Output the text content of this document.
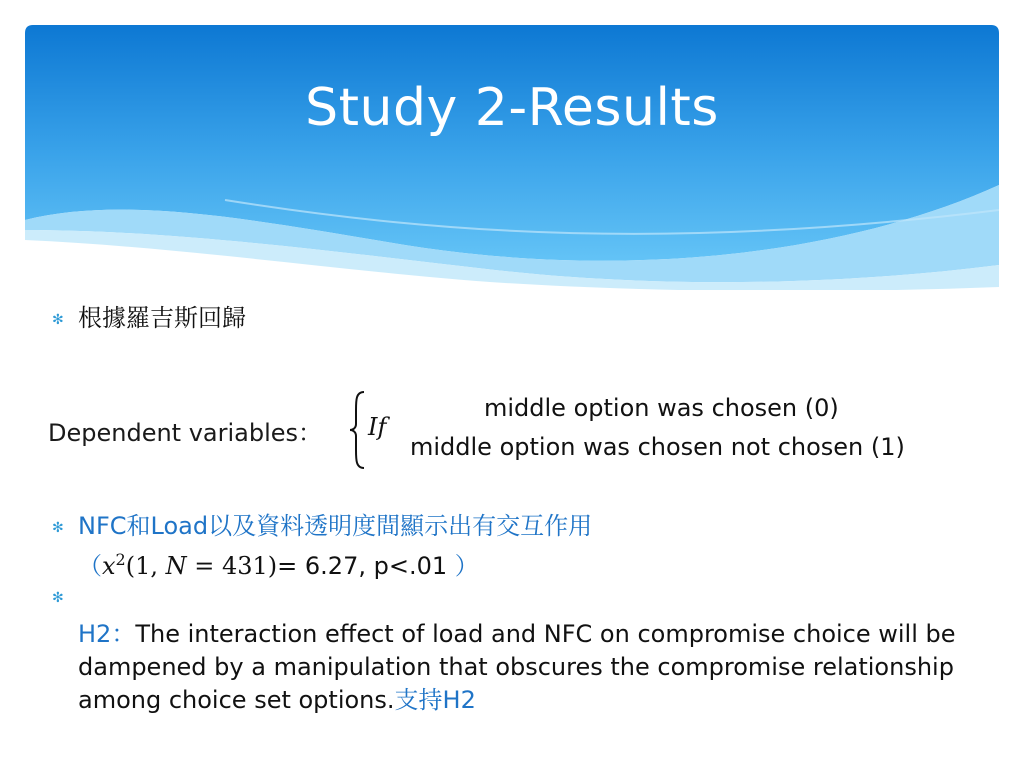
Study 2-Results
✻ 根據羅吉斯回歸
Dependent variables： If
middle option was chosen (0)
middle option was chosen not chosen (1)
✻ NFC和Load以及資料透明度間顯示出有交互作用
（$x^2(1$, N = 431)= 6.27, p<.01 ）
✻
H2：The interaction effect of load and NFC on compromise choice will be dampened by a manipulation that obscures the compromise relationship among choice set options.支持H2
